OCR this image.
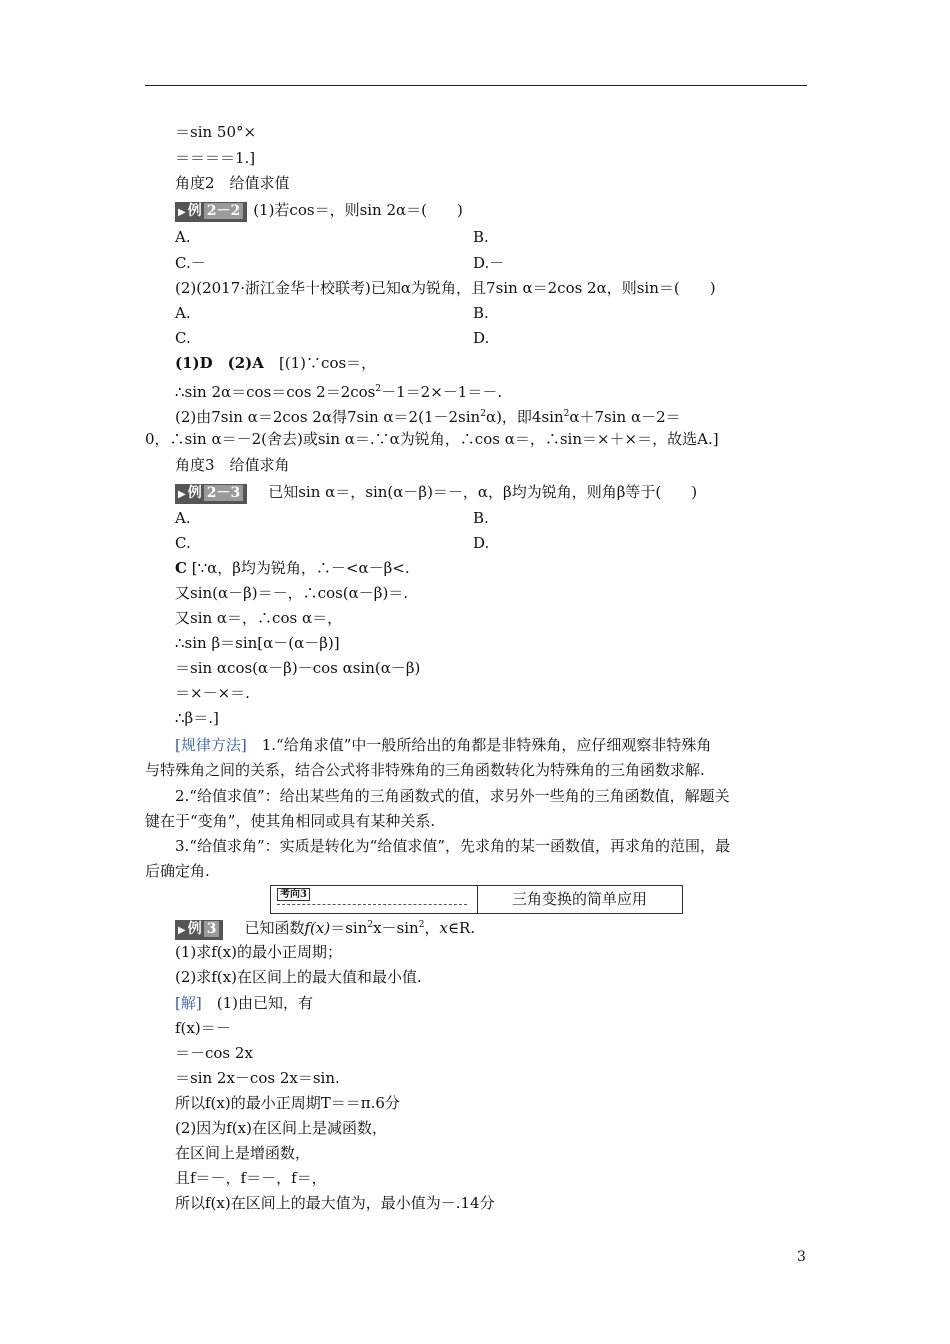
＝sin 50°×
＝＝＝＝1.]
角度2　给值求值
▶ 例 2－2 (1)若cos＝，则sin 2α＝(　　)
A.	B.
C.－	D.－
(2)(2017·浙江金华十校联考)已知α为锐角，且7sin α＝2cos 2α，则sin＝(　　)
A.	B.
C.	D.
(1)D　(2)A　 [(1)∵cos＝，
∴sin 2α＝cos＝cos $2=2\cos^2-1=2\times-1=-$.
(2)由7sin α＝2cos 2α得7sin $\alpha=2(1-2\sin^2\alpha)$，即$4\sin^2\alpha+7\sin$ α－2＝
0，∴sin α＝－2(舍去)或sin α＝.∵α为锐角，∴cos α＝，∴sin＝×＋×＝，故选A.]
角度3　给值求角
▶ 例 2－3　 已知sin α＝，sin(α－β)＝－，α，β均为锐角，则角β等于(　　)
A.	B.
C.	D.
C [∵α，β均为锐角，∴－<α－β<.
又sin(α－β)＝－，∴cos(α－β)＝.
又sin α＝，∴cos α＝，
∴sin β＝sin[α－(α－β)]
＝sin αcos(α－β)－cos αsin(α－β)
＝×－×＝.
∴β＝.]
[规律方法]　 1.“给角求值”中一般所给出的角都是非特殊角，应仔细观察非特殊角
与特殊角之间的关系，结合公式将非特殊角的三角函数转化为特殊角的三角函数求解.
2.“给值求值”：给出某些角的三角函数式的值，求另外一些角的三角函数值，解题关
键在于“变角”，使其角相同或具有某种关系.
3.“给值求角”：实质是转化为“给值求值”，先求角的某一函数值，再求角的范围，最
后确定角.
考向3	三角变换的简单应用
▶ 例 3　 已知函数$f(x)=\sin^2x-\sin^2$，x∈R.
(1)求f(x)的最小正周期；
(2)求f(x)在区间上的最大值和最小值.
[解]　 (1)由已知，有
f(x)＝－
＝－cos 2x
＝sin 2x－cos 2x＝sin.
所以f(x)的最小正周期T＝＝π.6分
(2)因为f(x)在区间上是减函数，
在区间上是增函数，
且f＝－，f＝－，f＝，
所以f(x)在区间上的最大值为，最小值为－.14分
3
